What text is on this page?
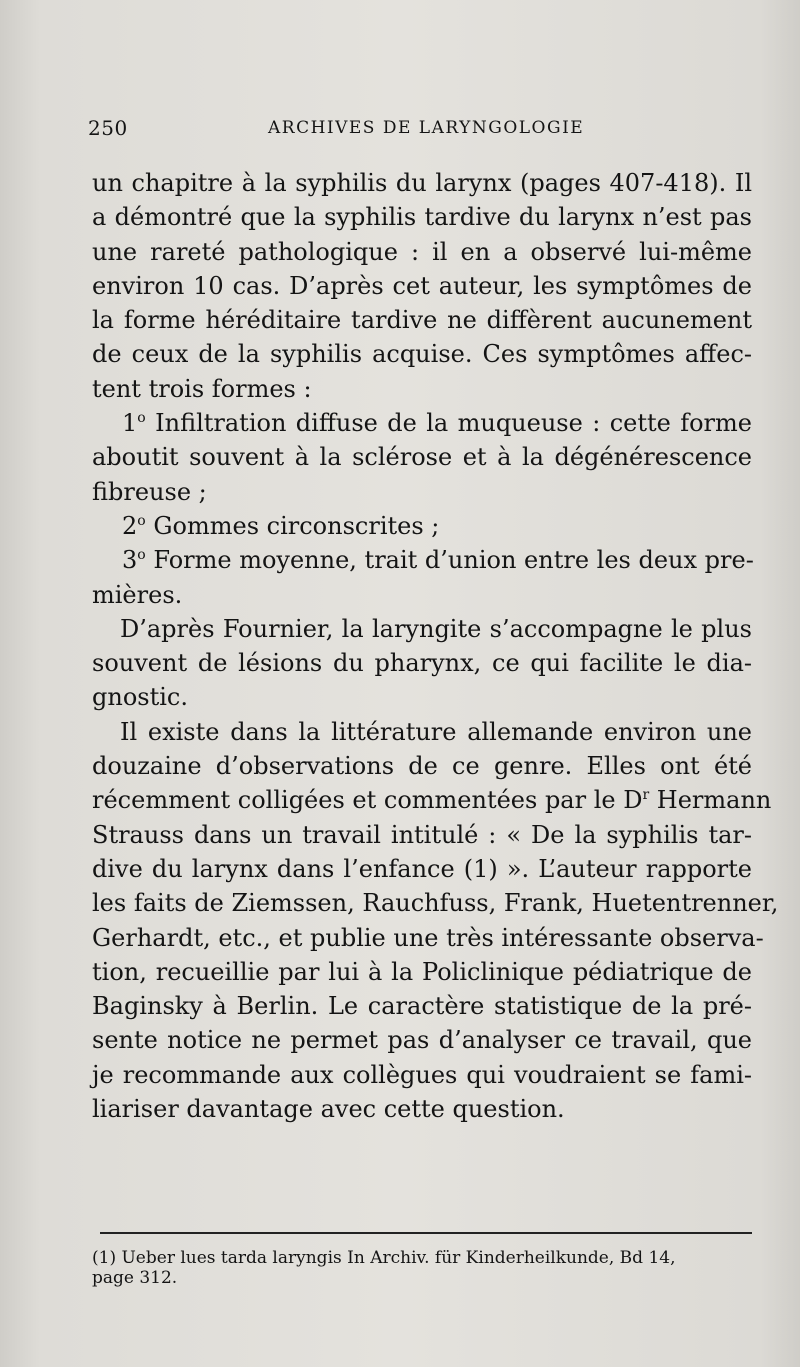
250	ARCHIVES DE LARYNGOLOGIE
un chapitre à la syphilis du larynx (pages 407-418). Il
a démontré que la syphilis tardive du larynx n’est pas
une rareté pathologique : il en a observé lui-même
environ 10 cas. D’après cet auteur, les symptômes de
la forme héréditaire tardive ne diffèrent aucunement
de ceux de la syphilis acquise. Ces symptômes affec-
tent trois formes :
1$^o$ Infiltration diffuse de la muqueuse : cette forme
aboutit souvent à la sclérose et à la dégénérescence
fibreuse ;
2$^o$ Gommes circonscrites ;
3$^o$ Forme moyenne, trait d’union entre les deux pre-
mières.
D’après Fournier, la laryngite s’accompagne le plus
souvent de lésions du pharynx, ce qui facilite le dia-
gnostic.
Il existe dans la littérature allemande environ une
douzaine d’observations de ce genre. Elles ont été
récemment colligées et commentées par le $D^r$ Hermann
Strauss dans un travail intitulé : « De la syphilis tar-
dive du larynx dans l’enfance (1) ». L’auteur rapporte
les faits de Ziemssen, Rauchfuss, Frank, Huetentrenner,
Gerhardt, etc., et publie une très intéressante observa-
tion, recueillie par lui à la Policlinique pédiatrique de
Baginsky à Berlin. Le caractère statistique de la pré-
sente notice ne permet pas d’analyser ce travail, que
je recommande aux collègues qui voudraient se fami-
liariser davantage avec cette question.
(1) Ueber lues tarda laryngis In Archiv. für Kinderheilkunde, Bd 14,
page 312.
